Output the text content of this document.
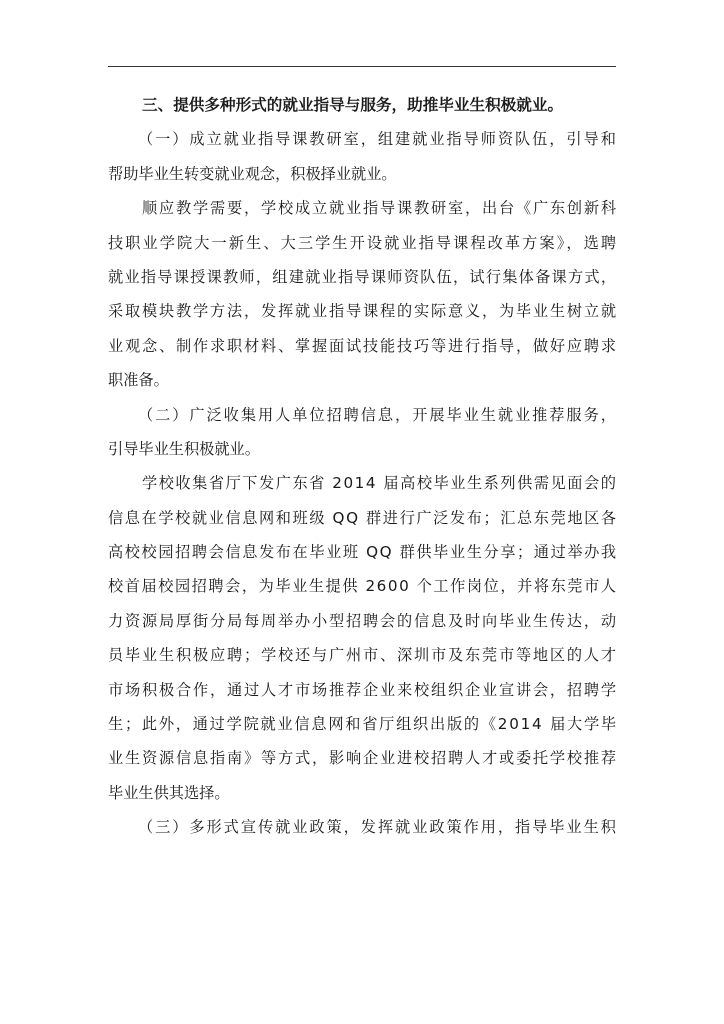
三、提供多种形式的就业指导与服务，助推毕业生积极就业。
（一）成立就业指导课教研室，组建就业指导师资队伍，引导和
帮助毕业生转变就业观念，积极择业就业。
顺应教学需要，学校成立就业指导课教研室，出台《广东创新科
技职业学院大一新生、大三学生开设就业指导课程改革方案》，选聘
就业指导课授课教师，组建就业指导课师资队伍，试行集体备课方式，
采取模块教学方法，发挥就业指导课程的实际意义，为毕业生树立就
业观念、制作求职材料、掌握面试技能技巧等进行指导，做好应聘求
职准备。
（二）广泛收集用人单位招聘信息，开展毕业生就业推荐服务，
引导毕业生积极就业。
学校收集省厅下发广东省 2014 届高校毕业生系列供需见面会的
信息在学校就业信息网和班级 QQ 群进行广泛发布；汇总东莞地区各
高校校园招聘会信息发布在毕业班 QQ 群供毕业生分享；通过举办我
校首届校园招聘会，为毕业生提供 2600 个工作岗位，并将东莞市人
力资源局厚街分局每周举办小型招聘会的信息及时向毕业生传达，动
员毕业生积极应聘；学校还与广州市、深圳市及东莞市等地区的人才
市场积极合作，通过人才市场推荐企业来校组织企业宣讲会，招聘学
生；此外，通过学院就业信息网和省厅组织出版的《2014 届大学毕
业生资源信息指南》等方式，影响企业进校招聘人才或委托学校推荐
毕业生供其选择。
（三）多形式宣传就业政策，发挥就业政策作用，指导毕业生积
